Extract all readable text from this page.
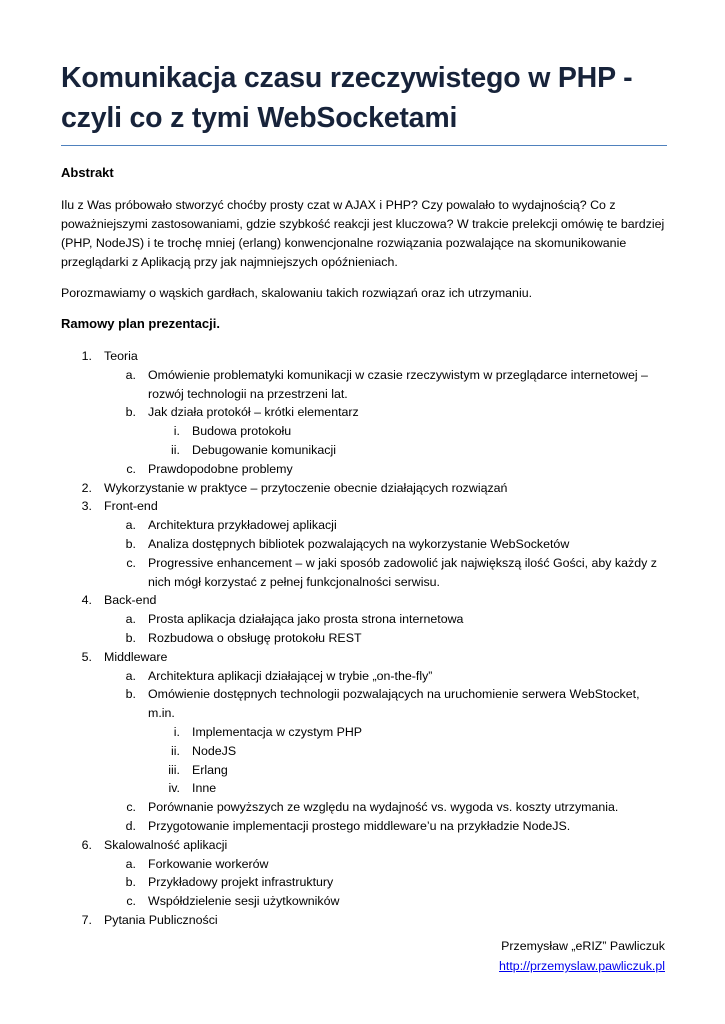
Komunikacja czasu rzeczywistego w PHP - czyli co z tymi WebSocketami
Abstrakt
Ilu z Was próbowało stworzyć choćby prosty czat w AJAX i PHP? Czy powalało to wydajnością? Co z poważniejszymi zastosowaniami, gdzie szybkość reakcji jest kluczowa? W trakcie prelekcji omówię te bardziej (PHP, NodeJS) i te trochę mniej (erlang) konwencjonalne rozwiązania pozwalające na skomunikowanie przeglądarki z Aplikacją przy jak najmniejszych opóźnieniach.
Porozmawiamy o wąskich gardłach, skalowaniu takich rozwiązań oraz ich utrzymaniu.
Ramowy plan prezentacji.
1. Teoria
a. Omówienie problematyki komunikacji w czasie rzeczywistym w przeglądarce internetowej – rozwój technologii na przestrzeni lat.
b. Jak działa protokół – krótki elementarz
i. Budowa protokołu
ii. Debugowanie komunikacji
c. Prawdopodobne problemy
2. Wykorzystanie w praktyce – przytoczenie obecnie działających rozwiązań
3. Front-end
a. Architektura przykładowej aplikacji
b. Analiza dostępnych bibliotek pozwalających na wykorzystanie WebSocketów
c. Progressive enhancement – w jaki sposób zadowolić jak największą ilość Gości, aby każdy z nich mógł korzystać z pełnej funkcjonalności serwisu.
4. Back-end
a. Prosta aplikacja działająca jako prosta strona internetowa
b. Rozbudowa o obsługę protokołu REST
5. Middleware
a. Architektura aplikacji działającej w trybie „on-the-fly”
b. Omówienie dostępnych technologii pozwalających na uruchomienie serwera WebStocket, m.in.
i. Implementacja w czystym PHP
ii. NodeJS
iii. Erlang
iv. Inne
c. Porównanie powyższych ze względu na wydajność vs. wygoda vs. koszty utrzymania.
d. Przygotowanie implementacji prostego middleware’u na przykładzie NodeJS.
6. Skalowalność aplikacji
a. Forkowanie workerów
b. Przykładowy projekt infrastruktury
c. Współdzielenie sesji użytkowników
7. Pytania Publiczności
Przemysław „eRIZ” Pawliczuk
http://przemyslaw.pawliczuk.pl
